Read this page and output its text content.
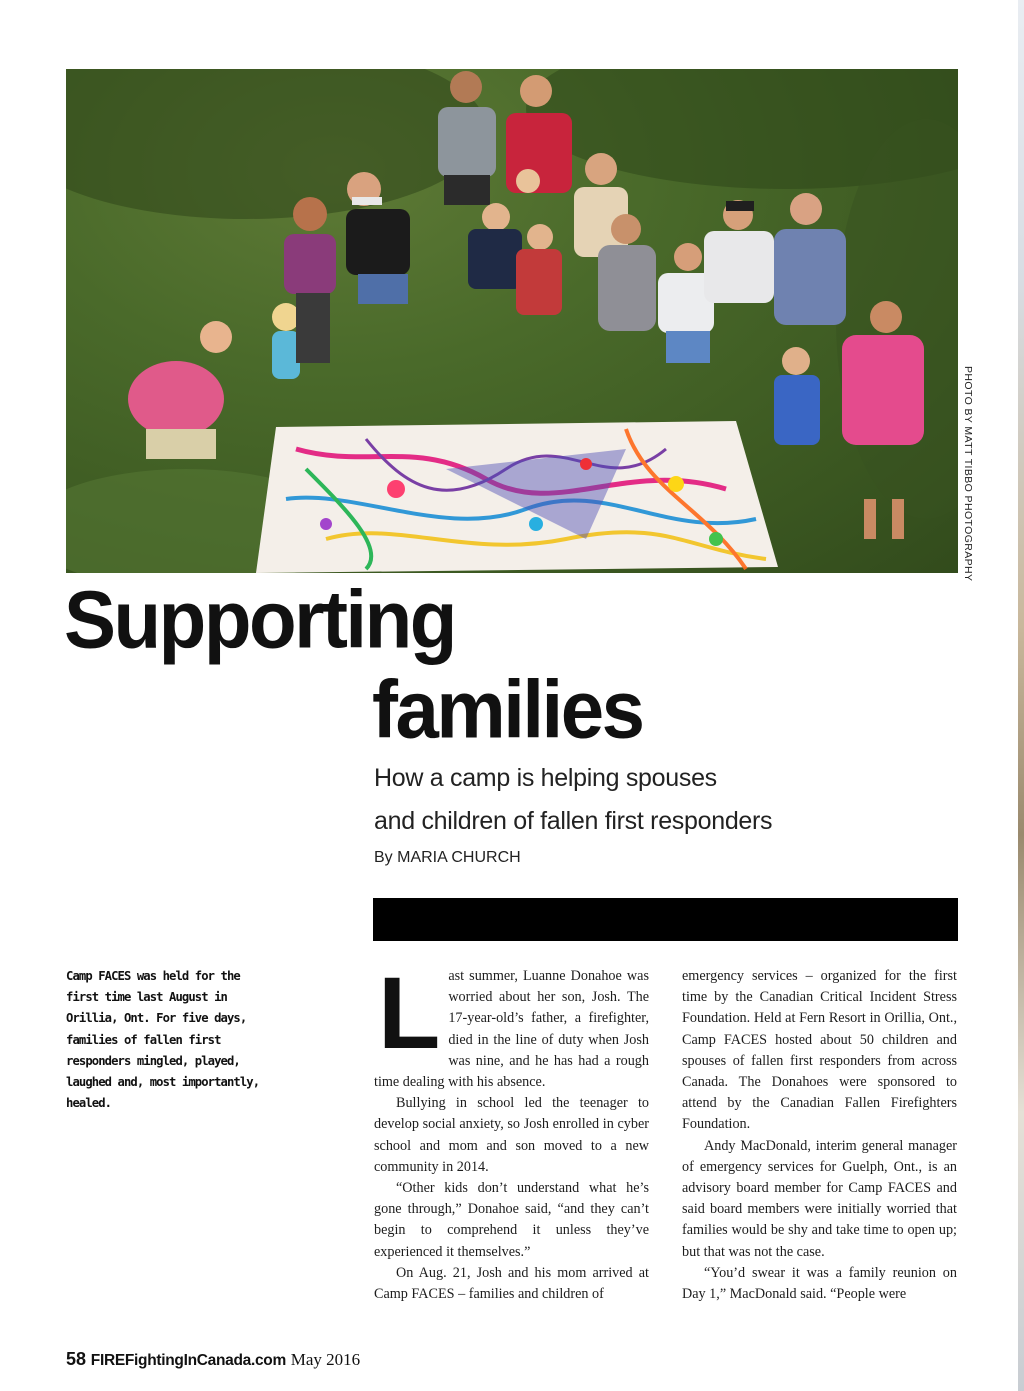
PHOTO BY MATT TIBBO PHOTOGRAPHY
Supporting
families
How a camp is helping spouses
and children of fallen first responders
By MARIA CHURCH
Camp FACES was held for the first time last August in Orillia, Ont. For five days, families of fallen first responders mingled, played, laughed and, most importantly, healed.

Last summer, Luanne Donahoe was worried about her son, Josh. The 17-year-old’s father, a firefighter, died in the line of duty when Josh was nine, and he has had a rough time dealing with his absence.

Bullying in school led the teenager to develop social anxiety, so Josh enrolled in cyber school and mom and son moved to a new community in 2014.

“Other kids don’t understand what he’s gone through,” Donahoe said, “and they can’t begin to comprehend it unless they’ve experienced it themselves.”

On Aug. 21, Josh and his mom arrived at Camp FACES – families and children of

emergency services – organized for the first time by the Canadian Critical Incident Stress Foundation. Held at Fern Resort in Orillia, Ont., Camp FACES hosted about 50 children and spouses of fallen first responders from across Canada. The Donahoes were sponsored to attend by the Canadian Fallen Firefighters Foundation.

Andy MacDonald, interim general manager of emergency services for Guelph, Ont., is an advisory board member for Camp FACES and said board members were initially worried that families would be shy and take time to open up; but that was not the case.

“You’d swear it was a family reunion on Day 1,” MacDonald said. “People were

58 FIREFightingInCanada.com May 2016
